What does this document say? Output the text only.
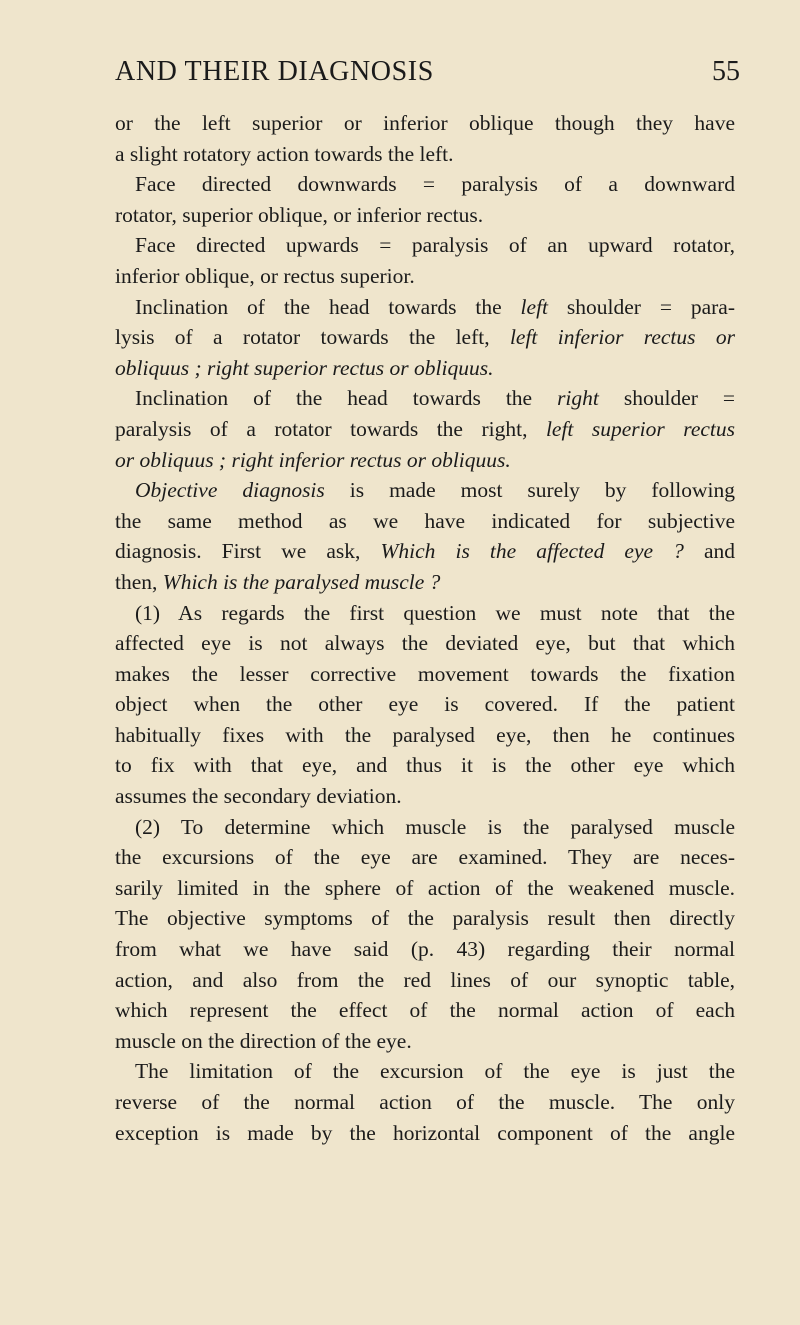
AND THEIR DIAGNOSIS	55
or the left superior or inferior oblique though they have
a slight rotatory action towards the left.
Face directed downwards = paralysis of a downward
rotator, superior oblique, or inferior rectus.
Face directed upwards = paralysis of an upward rotator,
inferior oblique, or rectus superior.
Inclination of the head towards the left shoulder = para-
lysis of a rotator towards the left, left inferior rectus or
obliquus ; right superior rectus or obliquus.
Inclination of the head towards the right shoulder =
paralysis of a rotator towards the right, left superior rectus
or obliquus ; right inferior rectus or obliquus.
Objective diagnosis is made most surely by following
the same method as we have indicated for subjective
diagnosis. First we ask, Which is the affected eye ? and
then, Which is the paralysed muscle ?
(1) As regards the first question we must note that the
affected eye is not always the deviated eye, but that which
makes the lesser corrective movement towards the fixation
object when the other eye is covered. If the patient
habitually fixes with the paralysed eye, then he continues
to fix with that eye, and thus it is the other eye which
assumes the secondary deviation.
(2) To determine which muscle is the paralysed muscle
the excursions of the eye are examined. They are neces-
sarily limited in the sphere of action of the weakened muscle.
The objective symptoms of the paralysis result then directly
from what we have said (p. 43) regarding their normal
action, and also from the red lines of our synoptic table,
which represent the effect of the normal action of each
muscle on the direction of the eye.
The limitation of the excursion of the eye is just the
reverse of the normal action of the muscle. The only
exception is made by the horizontal component of the angle
